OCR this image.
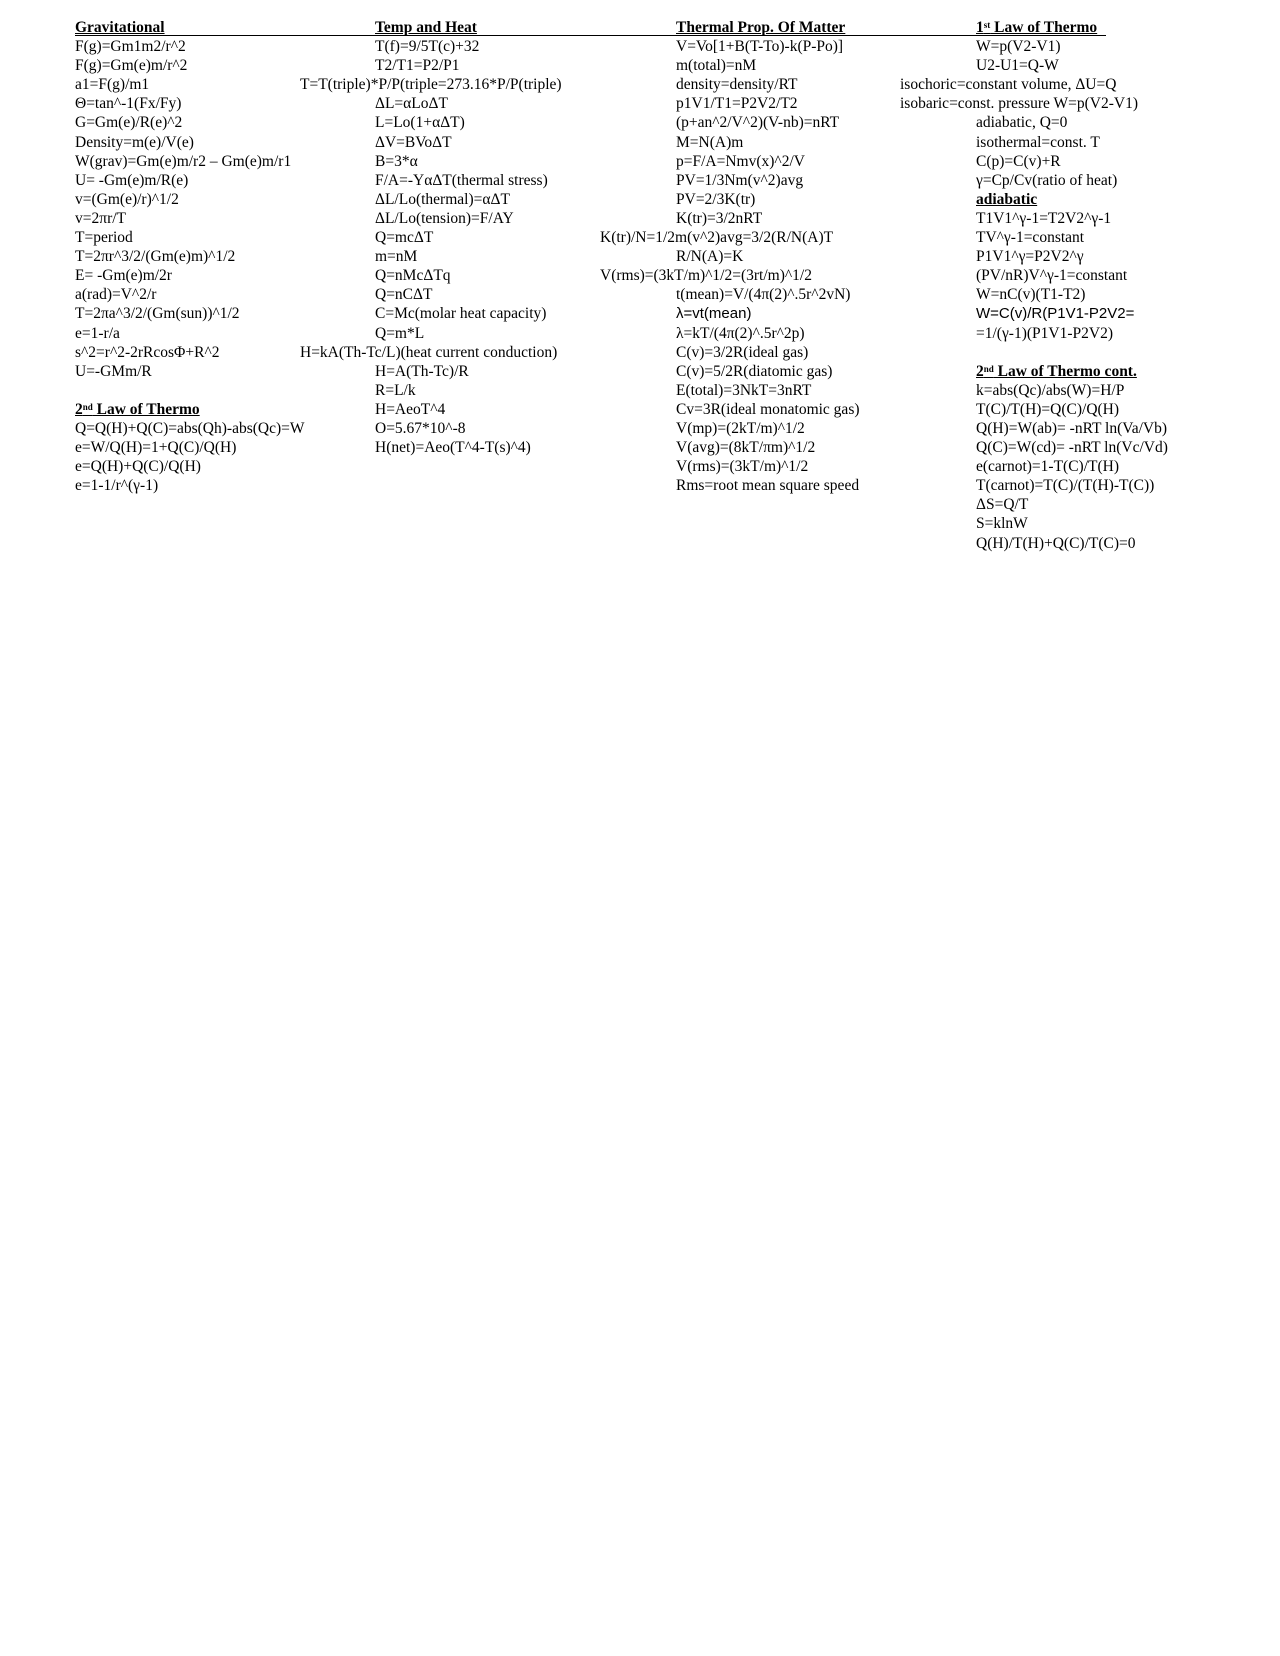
Gravitational
F(g)=Gm1m2/r^2
F(g)=Gm(e)m/r^2
a1=F(g)/m1
Θ=tan^-1(Fx/Fy)
G=Gm(e)/R(e)^2
Density=m(e)/V(e)
W(grav)=Gm(e)m/r2 – Gm(e)m/r1
U= -Gm(e)m/R(e)
v=(Gm(e)/r)^1/2
v=2πr/T
T=period
T=2πr^3/2/(Gm(e)m)^1/2
E= -Gm(e)m/2r
a(rad)=V^2/r
T=2πa^3/2/(Gm(sun))^1/2
e=1-r/a
s^2=r^2-2rRcosΦ+R^2
U=-GMm/R
2nd Law of Thermo
Q=Q(H)+Q(C)=abs(Qh)-abs(Qc)=W
e=W/Q(H)=1+Q(C)/Q(H)
e=Q(H)+Q(C)/Q(H)
e=1-1/r^(γ-1)
Temp and Heat
T(f)=9/5T(c)+32
T2/T1=P2/P1
T=T(triple)*P/P(triple=273.16*P/P(triple)
ΔL=αLoΔT
L=Lo(1+αΔT)
ΔV=BVoΔT
B=3*α
F/A=-YαΔT(thermal stress)
ΔL/Lo(thermal)=αΔT
ΔL/Lo(tension)=F/AY
Q=mcΔT
m=nM
Q=nMcΔTq
Q=nCΔT
C=Mc(molar heat capacity)
Q=m*L
H=kA(Th-Tc/L)(heat current conduction)
H=A(Th-Tc)/R
R=L/k
H=AeoT^4
O=5.67*10^-8
H(net)=Aeo(T^4-T(s)^4)
Thermal Prop. Of Matter
V=Vo[1+B(T-To)-k(P-Po)]
m(total)=nM
density=density/RT
p1V1/T1=P2V2/T2
(p+an^2/V^2)(V-nb)=nRT
M=N(A)m
p=F/A=Nmv(x)^2/V
PV=1/3Nm(v^2)avg
PV=2/3K(tr)
K(tr)=3/2nRT
K(tr)/N=1/2m(v^2)avg=3/2(R/N(A)T
R/N(A)=K
V(rms)=(3kT/m)^1/2=(3rt/m)^1/2
t(mean)=V/(4π(2)^.5r^2vN)
λ=vt(mean)
λ=kT/(4π(2)^.5r^2p)
C(v)=3/2R(ideal gas)
C(v)=5/2R(diatomic gas)
E(total)=3NkT=3nRT
Cv=3R(ideal monatomic gas)
V(mp)=(2kT/m)^1/2
V(avg)=(8kT/πm)^1/2
V(rms)=(3kT/m)^1/2
Rms=root mean square speed
1st Law of Thermo
W=p(V2-V1)
U2-U1=Q-W
isochoric=constant volume, ΔU=Q
isobaric=const. pressure W=p(V2-V1)
adiabatic, Q=0
isothermal=const. T
C(p)=C(v)+R
γ=Cp/Cv(ratio of heat)
adiabatic
T1V1^γ-1=T2V2^γ-1
TV^γ-1=constant
P1V1^γ=P2V2^γ
(PV/nR)V^γ-1=constant
W=nC(v)(T1-T2)
W=C(v)/R(P1V1-P2V2=
=1/(γ-1)(P1V1-P2V2)
2nd Law of Thermo cont.
k=abs(Qc)/abs(W)=H/P
T(C)/T(H)=Q(C)/Q(H)
Q(H)=W(ab)= -nRT ln(Va/Vb)
Q(C)=W(cd)= -nRT ln(Vc/Vd)
e(carnot)=1-T(C)/T(H)
T(carnot)=T(C)/(T(H)-T(C))
ΔS=Q/T
S=klnW
Q(H)/T(H)+Q(C)/T(C)=0
